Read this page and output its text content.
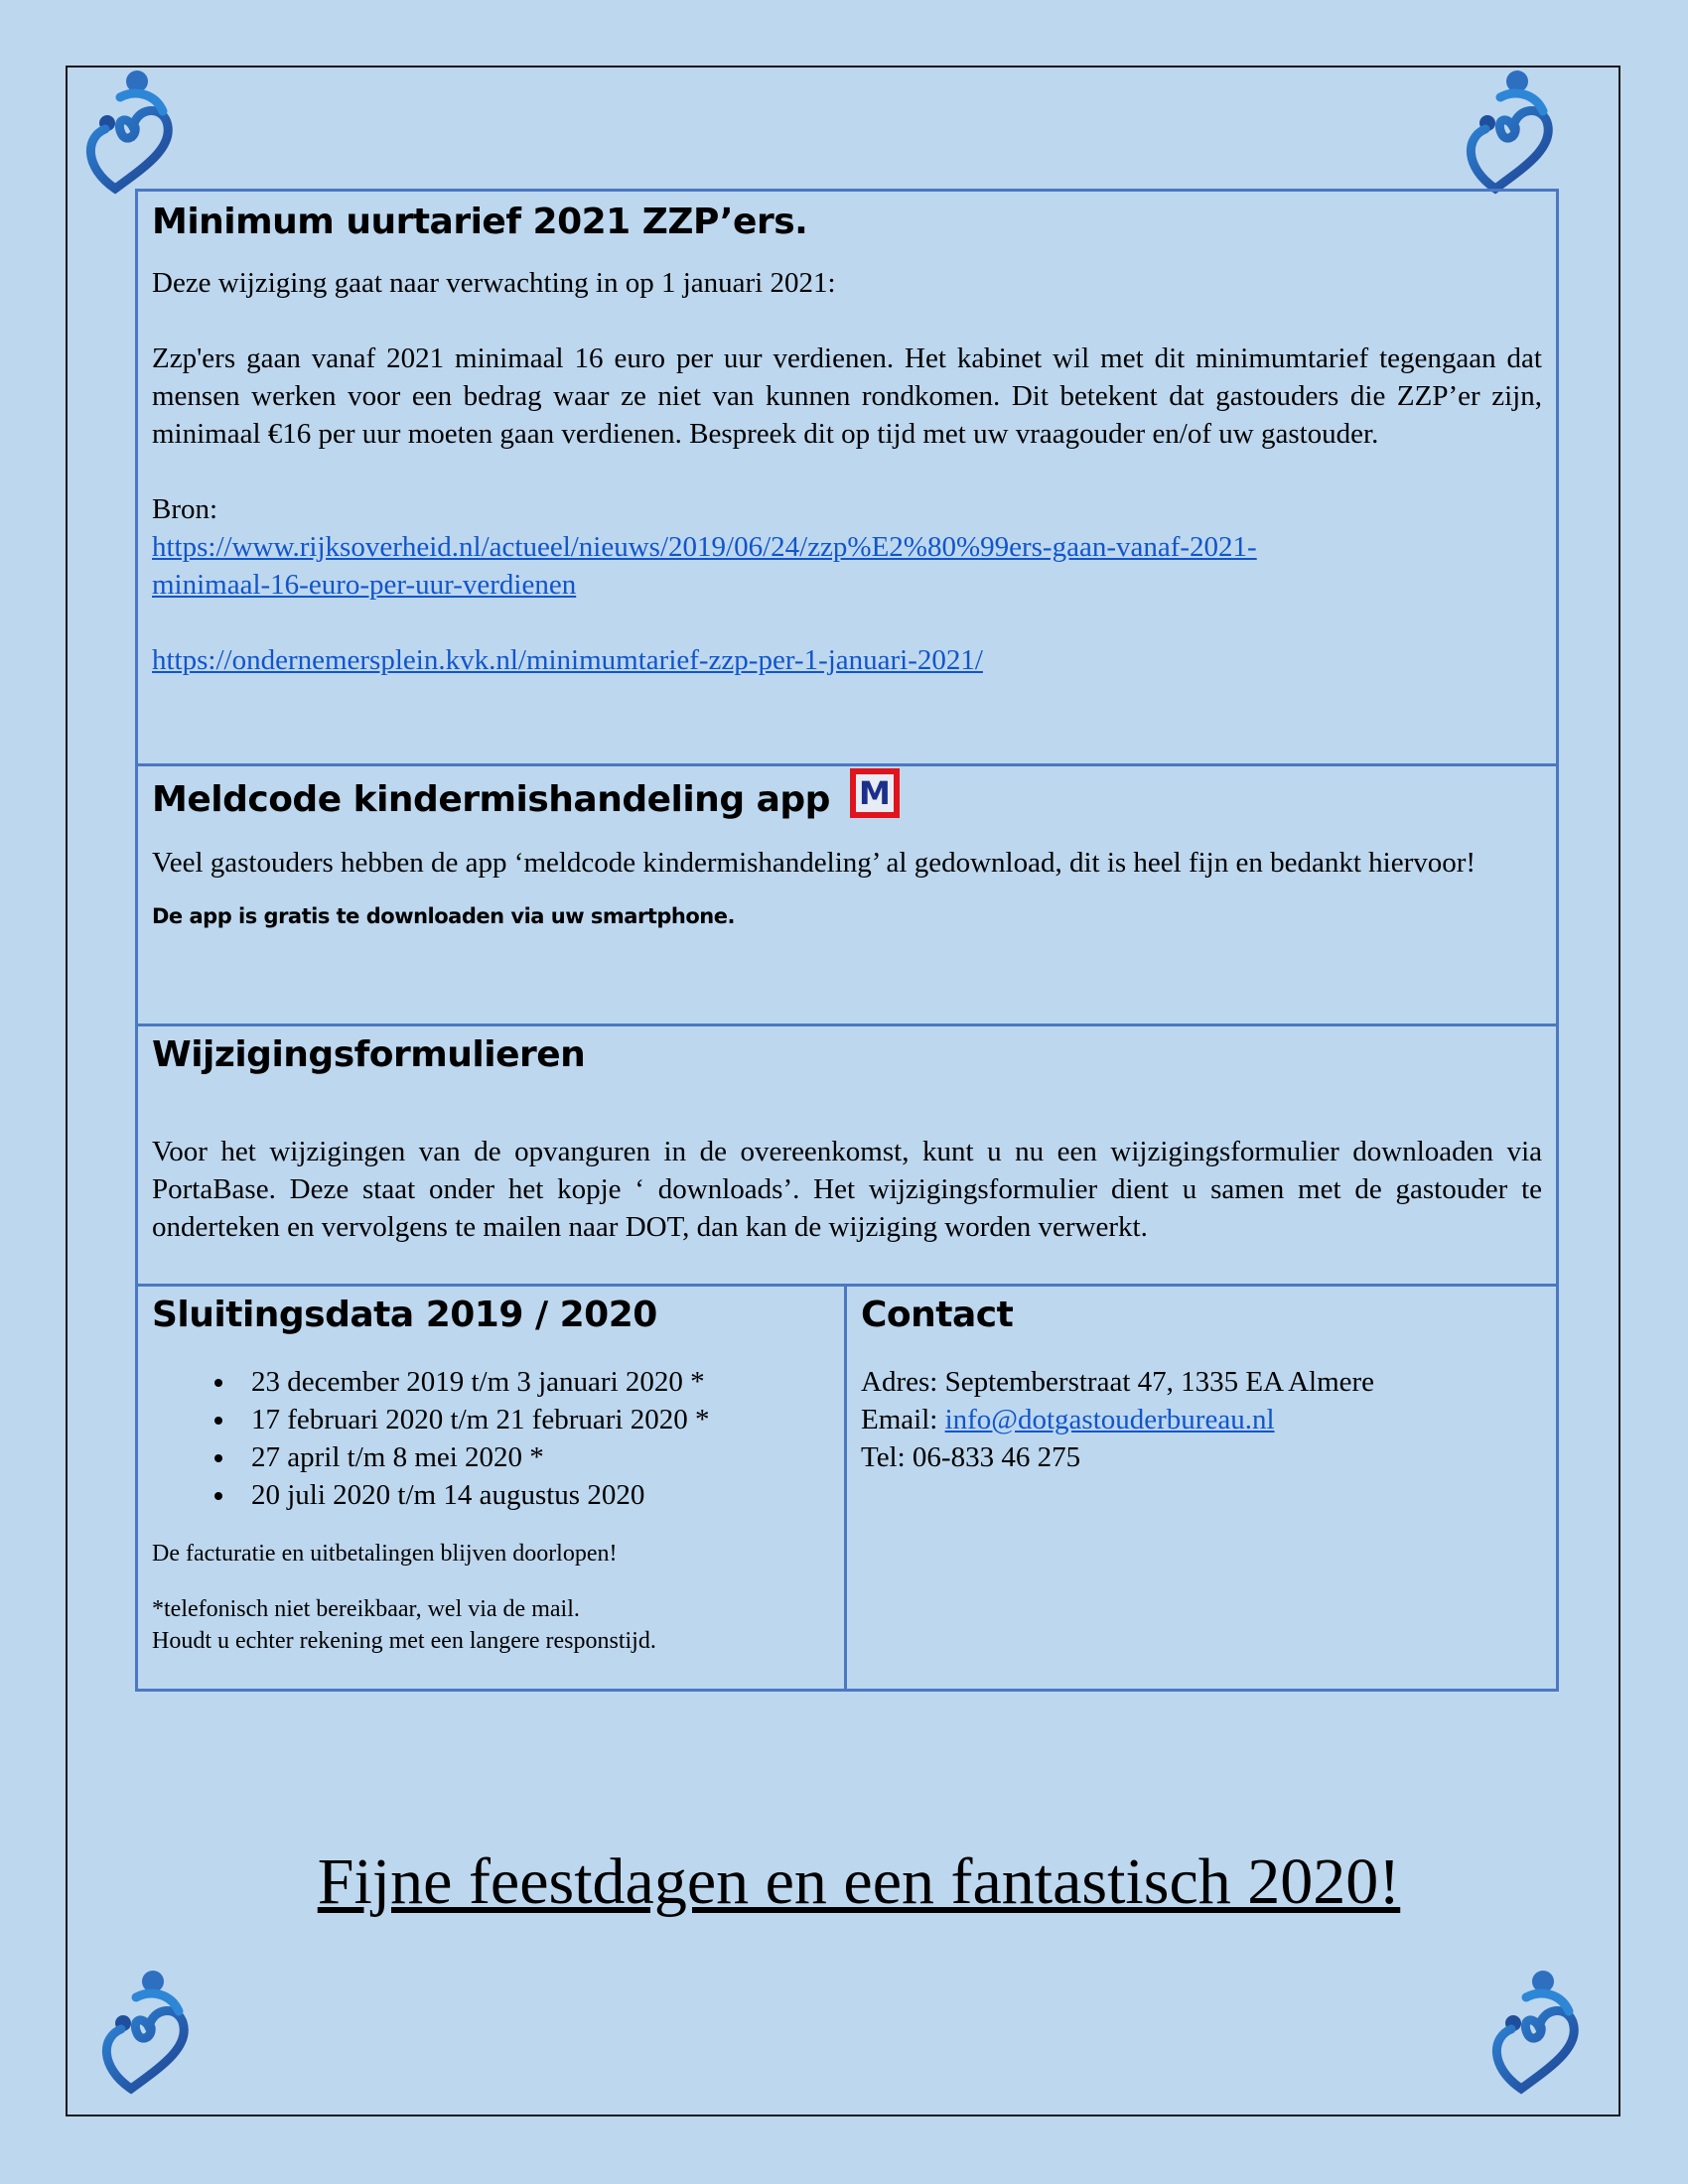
Minimum uurtarief 2021 ZZP’ers.

Deze wijziging gaat naar verwachting in op 1 januari 2021:

Zzp'ers gaan vanaf 2021 minimaal 16 euro per uur verdienen. Het kabinet wil met dit minimumtarief tegengaan dat mensen werken voor een bedrag waar ze niet van kunnen rondkomen. Dit betekent dat gastouders die ZZP’er zijn, minimaal €16 per uur moeten gaan verdienen. Bespreek dit op tijd met uw vraagouder en/of uw gastouder.

Bron:

https://www.rijksoverheid.nl/actueel/nieuws/2019/06/24/zzp%E2%80%99ers-gaan-vanaf-2021-
minimaal-16-euro-per-uur-verdienen

https://ondernemersplein.kvk.nl/minimumtarief-zzp-per-1-januari-2021/

Meldcode kindermishandeling app M

Veel gastouders hebben de app ‘meldcode kindermishandeling’ al gedownload, dit is heel fijn en bedankt hiervoor!

De app is gratis te downloaden via uw smartphone.

Wijzigingsformulieren

Voor het wijzigingen van de opvanguren in de overeenkomst, kunt u nu een wijzigingsformulier downloaden via PortaBase. Deze staat onder het kopje ‘ downloads’. Het wijzigingsformulier dient u samen met de gastouder te onderteken en vervolgens te mailen naar DOT, dan kan de wijziging worden verwerkt.

Sluitingsdata 2019 / 2020

• 23 december 2019 t/m 3 januari 2020 *
• 17 februari 2020 t/m 21 februari 2020 *
• 27 april t/m 8 mei 2020 *
• 20 juli 2020 t/m 14 augustus 2020

De facturatie en uitbetalingen blijven doorlopen!

*telefonisch niet bereikbaar, wel via de mail.

Houdt u echter rekening met een langere responstijd.

Contact

Adres: Septemberstraat 47, 1335 EA Almere

Email: info@dotgastouderbureau.nl

Tel: 06-833 46 275

Fijne feestdagen en een fantastisch 2020!
